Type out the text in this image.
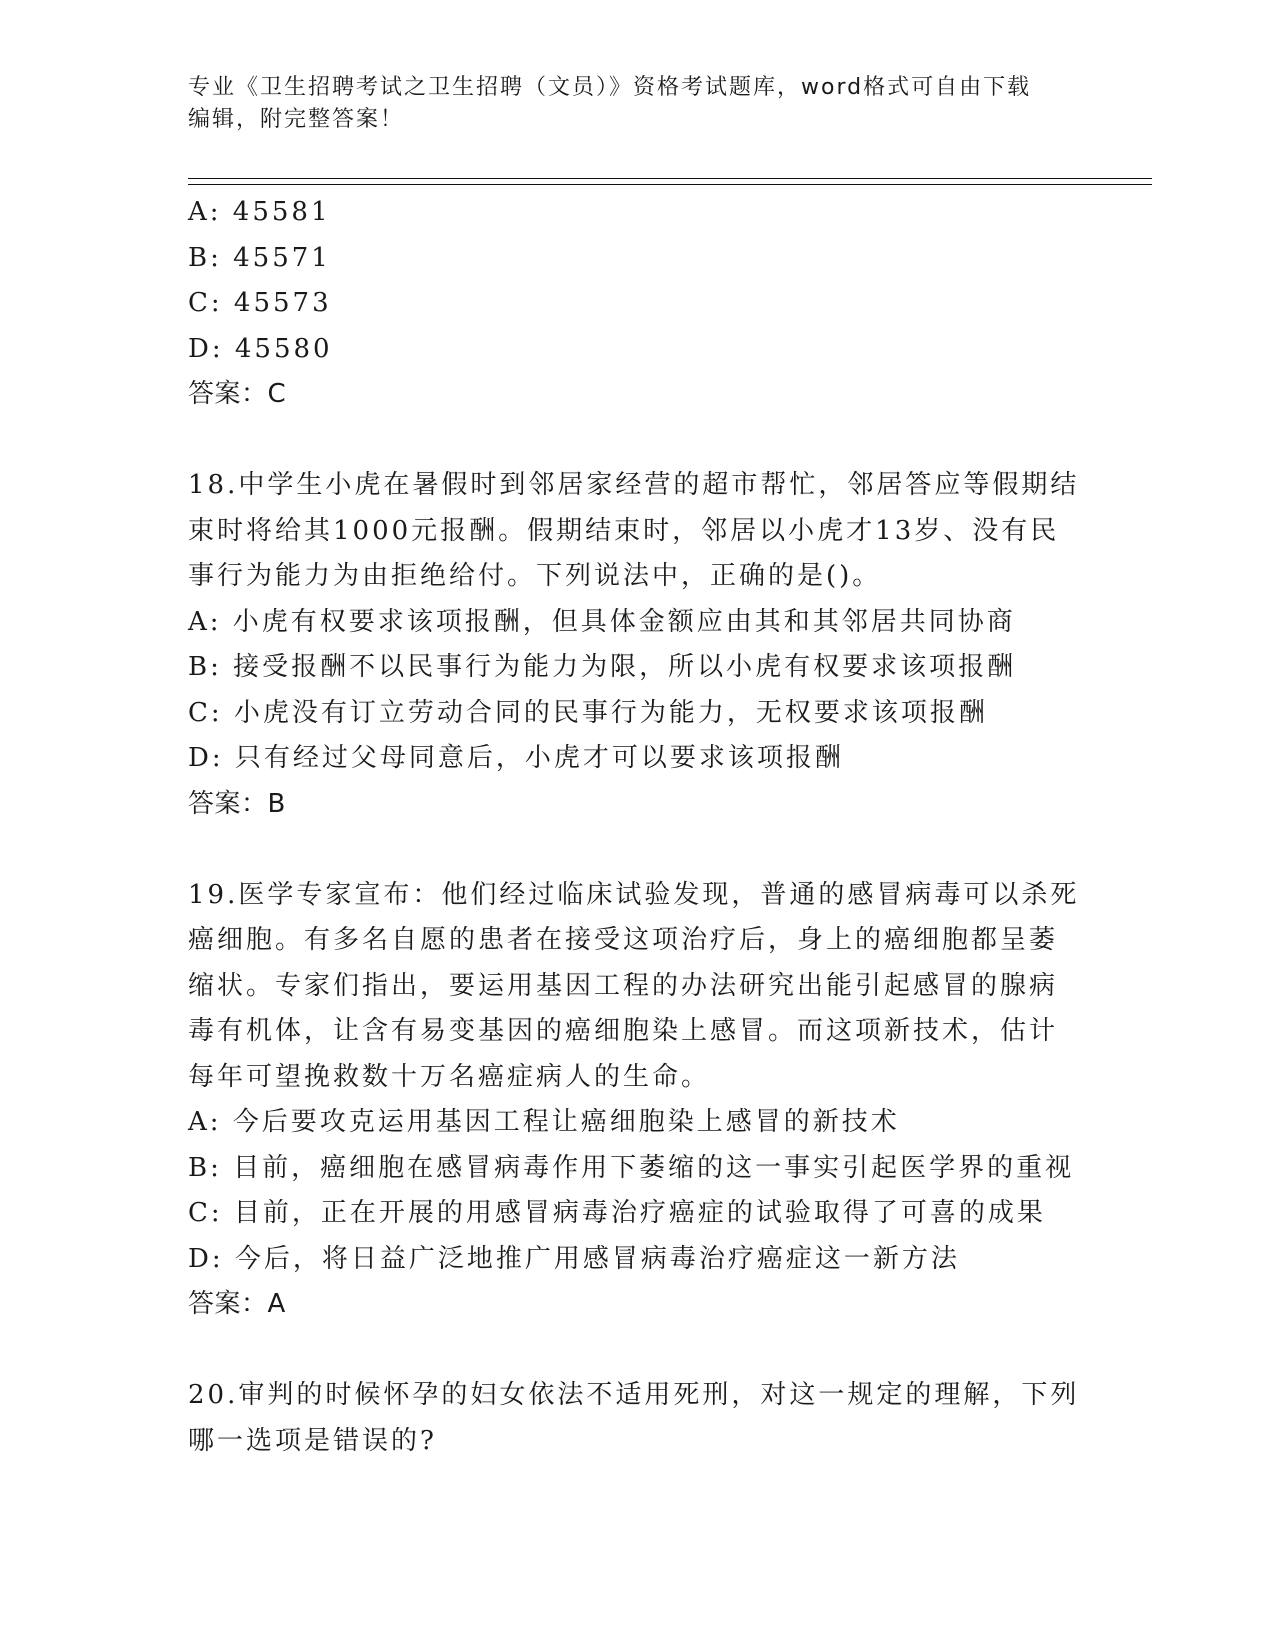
专业《卫生招聘考试之卫生招聘（文员）》资格考试题库，word格式可自由下载
编辑，附完整答案！
A: 45581
B: 45571
C: 45573
D: 45580
答案：C
18.中学生小虎在暑假时到邻居家经营的超市帮忙，邻居答应等假期结
束时将给其1000元报酬。假期结束时，邻居以小虎才13岁、没有民
事行为能力为由拒绝给付。下列说法中，正确的是()。
A: 小虎有权要求该项报酬，但具体金额应由其和其邻居共同协商
B: 接受报酬不以民事行为能力为限，所以小虎有权要求该项报酬
C: 小虎没有订立劳动合同的民事行为能力，无权要求该项报酬
D: 只有经过父母同意后，小虎才可以要求该项报酬
答案：B
19.医学专家宣布：他们经过临床试验发现，普通的感冒病毒可以杀死
癌细胞。有多名自愿的患者在接受这项治疗后，身上的癌细胞都呈萎
缩状。专家们指出，要运用基因工程的办法研究出能引起感冒的腺病
毒有机体，让含有易变基因的癌细胞染上感冒。而这项新技术，估计
每年可望挽救数十万名癌症病人的生命。
A: 今后要攻克运用基因工程让癌细胞染上感冒的新技术
B: 目前，癌细胞在感冒病毒作用下萎缩的这一事实引起医学界的重视
C: 目前，正在开展的用感冒病毒治疗癌症的试验取得了可喜的成果
D: 今后，将日益广泛地推广用感冒病毒治疗癌症这一新方法
答案：A
20.审判的时候怀孕的妇女依法不适用死刑，对这一规定的理解，下列
哪一选项是错误的?
